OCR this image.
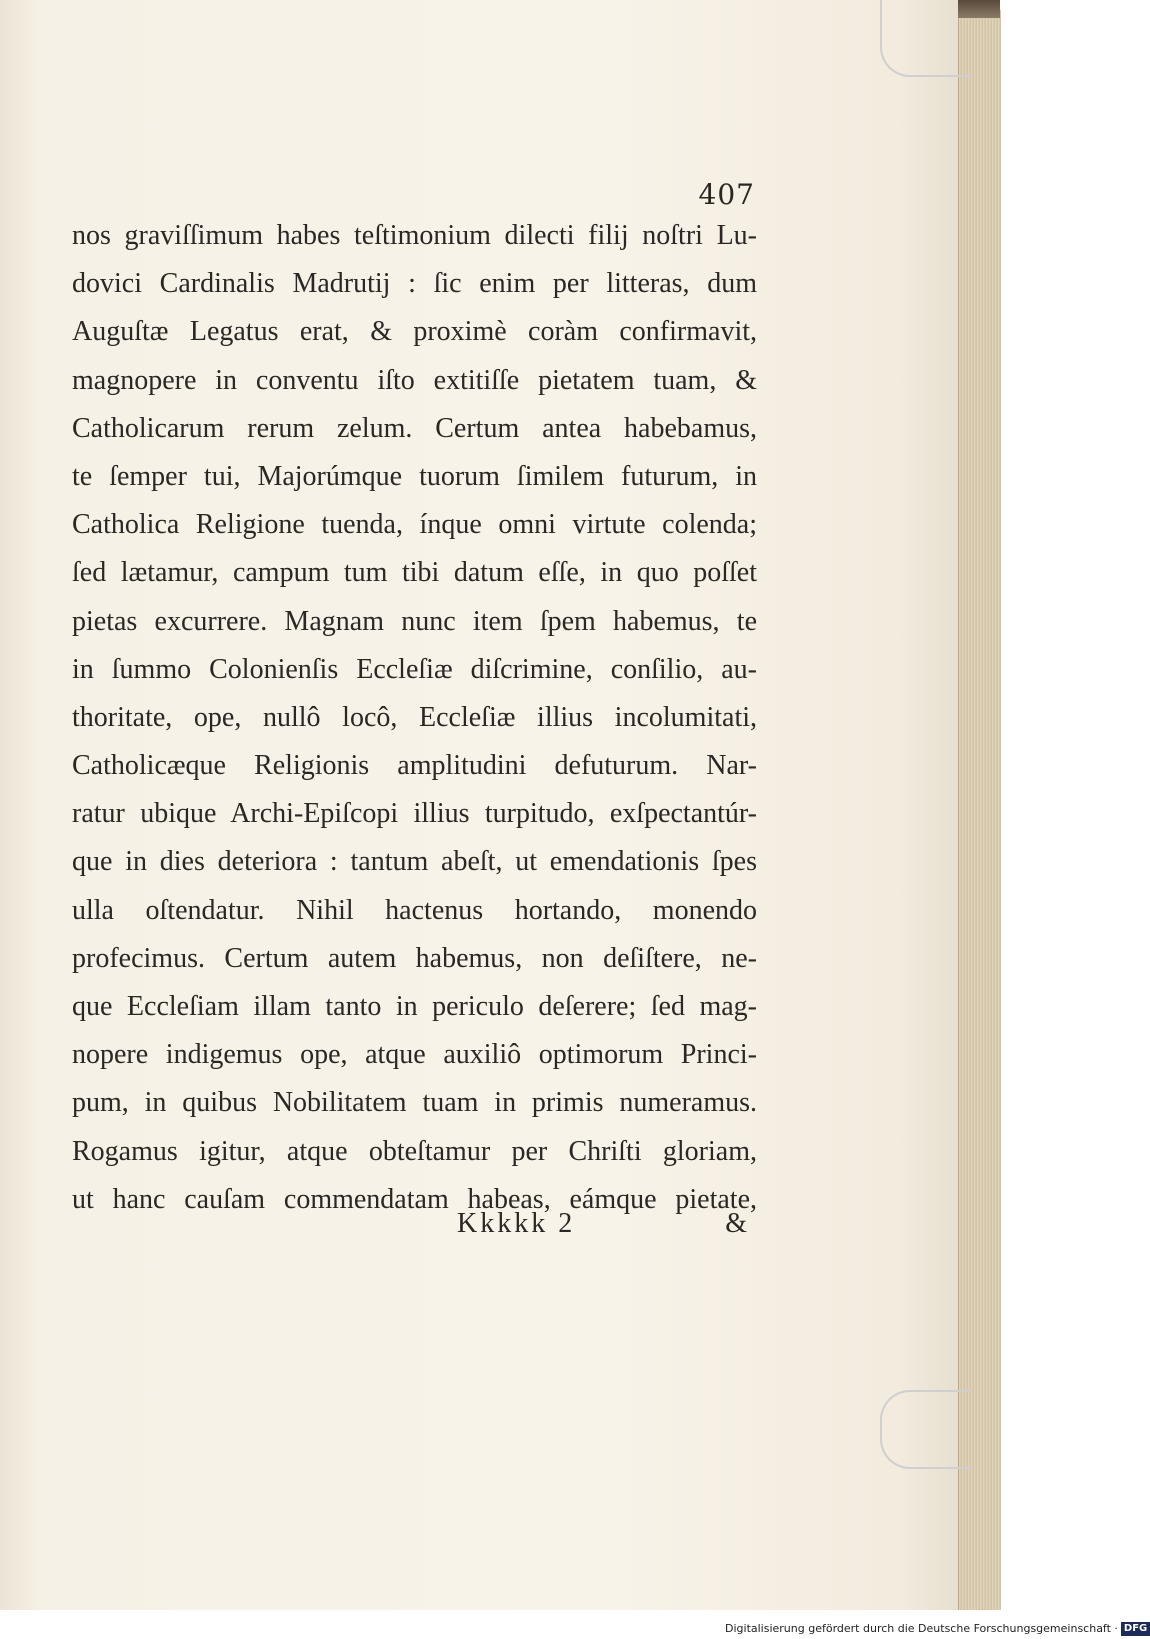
407
nos graviſſimum habes teſtimonium dilecti filij noſtri Lu-
dovici Cardinalis Madrutij : ſic enim per litteras, dum
Auguſtæ Legatus erat, & proximè coràm confirmavit,
magnopere in conventu iſto extitiſſe pietatem tuam, &
Catholicarum rerum zelum. Certum antea habebamus,
te ſemper tui, Majorúmque tuorum ſimilem futurum, in
Catholica Religione tuenda, ínque omni virtute colenda;
ſed lætamur, campum tum tibi datum eſſe, in quo poſſet
pietas excurrere. Magnam nunc item ſpem habemus, te
in ſummo Colonienſis Eccleſiæ diſcrimine, conſilio, au-
thoritate, ope, nullô locô, Eccleſiæ illius incolumitati,
Catholicæque Religionis amplitudini defuturum. Nar-
ratur ubique Archi-Epiſcopi illius turpitudo, exſpectantúr-
que in dies deteriora : tantum abeſt, ut emendationis ſpes
ulla oſtendatur. Nihil hactenus hortando, monendo
profecimus. Certum autem habemus, non deſiſtere, ne-
que Eccleſiam illam tanto in periculo deſerere; ſed mag-
nopere indigemus ope, atque auxiliô optimorum Princi-
pum, in quibus Nobilitatem tuam in primis numeramus.
Rogamus igitur, atque obteſtamur per Chriſti gloriam,
ut hanc cauſam commendatam habeas, eámque pietate,
Kkkkk 2	&
Digitalisierung gefördert durch die Deutsche Forschungsgemeinschaft · DFG
